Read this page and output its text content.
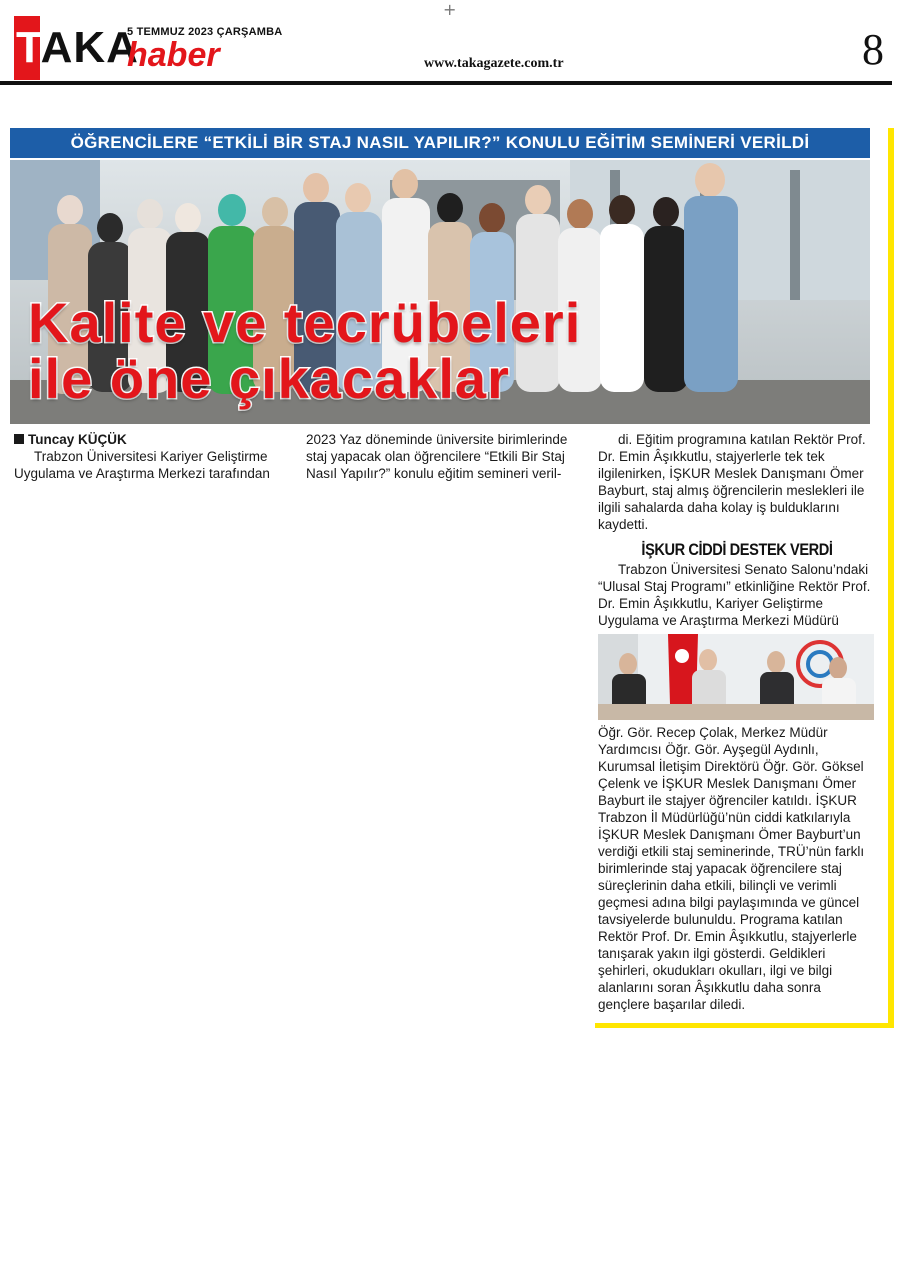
+
TAKA
5 TEMMUZ 2023 ÇARŞAMBA
haber	www.takagazete.com.tr	8
ÖĞRENCİLERE “ETKİLİ BİR STAJ NASIL YAPILIR?” KONULU EĞİTİM SEMİNERİ VERİLDİ
Kalite ve tecrübeleri
ile öne çıkacaklar
Tuncay KÜÇÜK
Trabzon Üniversitesi Kariyer Geliştirme Uygulama ve Araştırma Merkezi tarafından
2023 Yaz döneminde üniversite birimlerinde staj yapacak olan öğrencilere “Etkili Bir Staj Nasıl Yapılır?” konulu eğitim semineri veril-
di. Eğitim programına katılan Rektör Prof. Dr. Emin Âşıkkutlu, stajyerlerle tek tek ilgilenirken, İŞKUR Meslek Danışmanı Ömer Bayburt, staj almış öğrencilerin meslekleri ile ilgili sahalarda daha kolay iş bulduklarını kaydetti.
İŞKUR CİDDİ DESTEK VERDİ
Trabzon Üniversitesi Senato Salonu’ndaki “Ulusal Staj Programı” etkinliğine Rektör Prof. Dr. Emin Âşıkkutlu, Kariyer Geliştirme Uygulama ve Araştırma Merkezi Müdürü
Öğr. Gör. Recep Çolak, Merkez Müdür Yardımcısı Öğr. Gör. Ayşegül Aydınlı, Kurumsal İletişim Direktörü Öğr. Gör. Göksel Çelenk ve İŞKUR Meslek Danışmanı Ömer Bayburt ile stajyer öğrenciler katıldı. İŞKUR Trabzon İl Müdürlüğü’nün ciddi katkılarıyla İŞKUR Meslek Danışmanı Ömer Bayburt’un verdiği etkili staj seminerinde, TRÜ’nün farklı birimlerinde staj yapacak öğrencilere staj süreçlerinin daha etkili, bilinçli ve verimli geçmesi adına bilgi paylaşımında ve güncel tavsiyelerde bulunuldu. Programa katılan Rektör Prof. Dr. Emin Âşıkkutlu, stajyerlerle tanışarak yakın ilgi gösterdi. Geldikleri şehirleri, okudukları okulları, ilgi ve bilgi alanlarını soran Âşıkkutlu daha sonra gençlere başarılar diledi.
